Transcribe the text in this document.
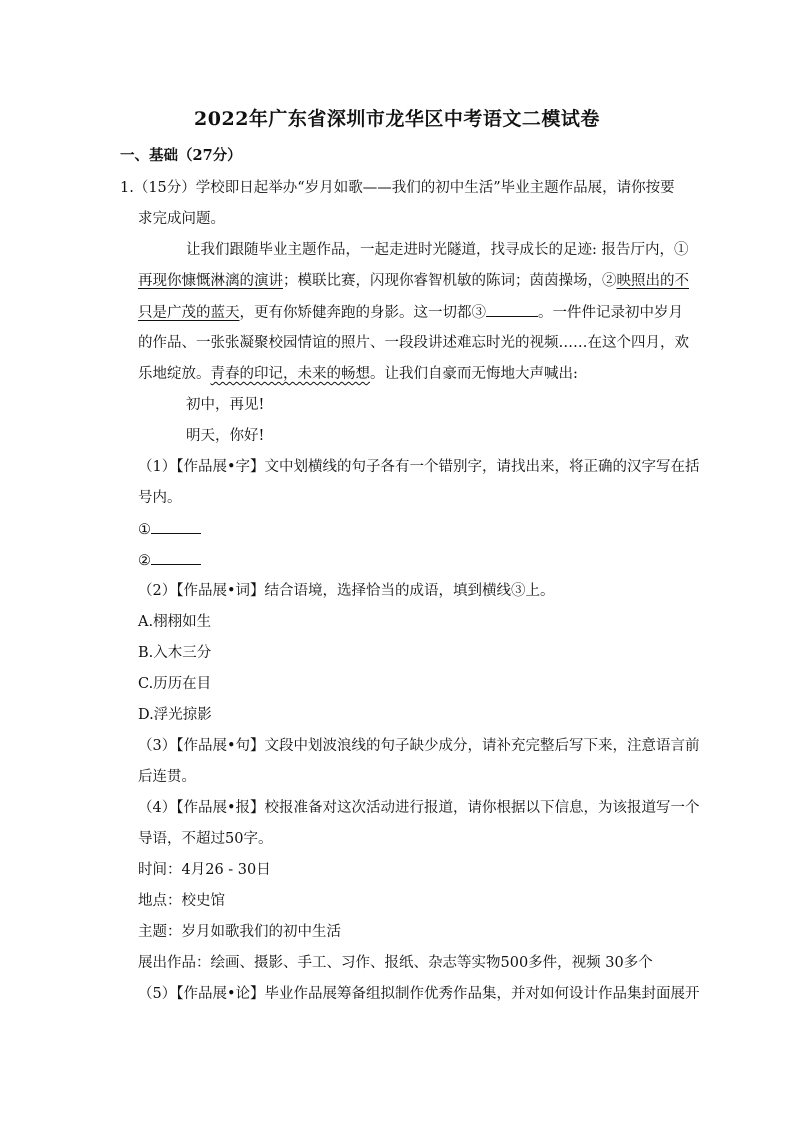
2022年广东省深圳市龙华区中考语文二模试卷
一、基础（27分）
1.（15分）学校即日起举办“岁月如歌——我们的初中生活”毕业主题作品展，请你按要
求完成问题。
让我们跟随毕业主题作品，一起走进时光隧道，找寻成长的足迹: 报告厅内，①
再现你慷慨淋漓的演讲；模联比赛，闪现你睿智机敏的陈词；茵茵操场，②映照出的不
只是广茂的蓝天，更有你矫健奔跑的身影。这一切都③	。一件件记录初中岁月
的作品、一张张凝聚校园情谊的照片、一段段讲述难忘时光的视频……在这个四月，欢
乐地绽放。青春的印记，未来的畅想。让我们自豪而无悔地大声喊出:
初中，再见!
明天，你好!
（1）【作品展•字】文中划横线的句子各有一个错别字，请找出来，将正确的汉字写在括
号内。
①
②
（2）【作品展•词】结合语境，选择恰当的成语，填到横线③上。
A.栩栩如生
B.入木三分
C.历历在目
D.浮光掠影
（3）【作品展•句】文段中划波浪线的句子缺少成分，请补充完整后写下来，注意语言前
后连贯。
（4）【作品展•报】校报准备对这次活动进行报道，请你根据以下信息，为该报道写一个
导语，不超过50字。
时间：4月26 - 30日
地点：校史馆
主题：岁月如歌我们的初中生活
展出作品：绘画、摄影、手工、习作、报纸、杂志等实物500多件，视频 30多个
（5）【作品展•论】毕业作品展筹备组拟制作优秀作品集，并对如何设计作品集封面展开
